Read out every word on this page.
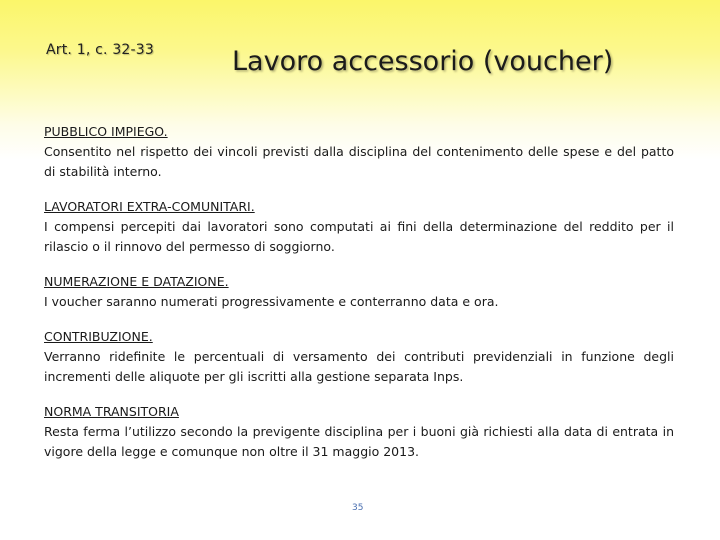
Art. 1, c. 32-33	Lavoro accessorio (voucher)

PUBBLICO IMPIEGO.

Consentito nel rispetto dei vincoli previsti dalla disciplina del contenimento delle spese e del patto di stabilità interno.

LAVORATORI EXTRA-COMUNITARI.

I compensi percepiti dai lavoratori sono computati ai fini della determinazione del reddito per il rilascio o il rinnovo del permesso di soggiorno.

NUMERAZIONE E DATAZIONE.

I voucher saranno numerati progressivamente e conterranno data e ora.

CONTRIBUZIONE.

Verranno ridefinite le percentuali di versamento dei contributi previdenziali in funzione degli incrementi delle aliquote per gli iscritti alla gestione separata Inps.

NORMA TRANSITORIA

Resta ferma l’utilizzo secondo la previgente disciplina per i buoni già richiesti alla data di entrata in vigore della legge e comunque non oltre il 31 maggio 2013.

35
